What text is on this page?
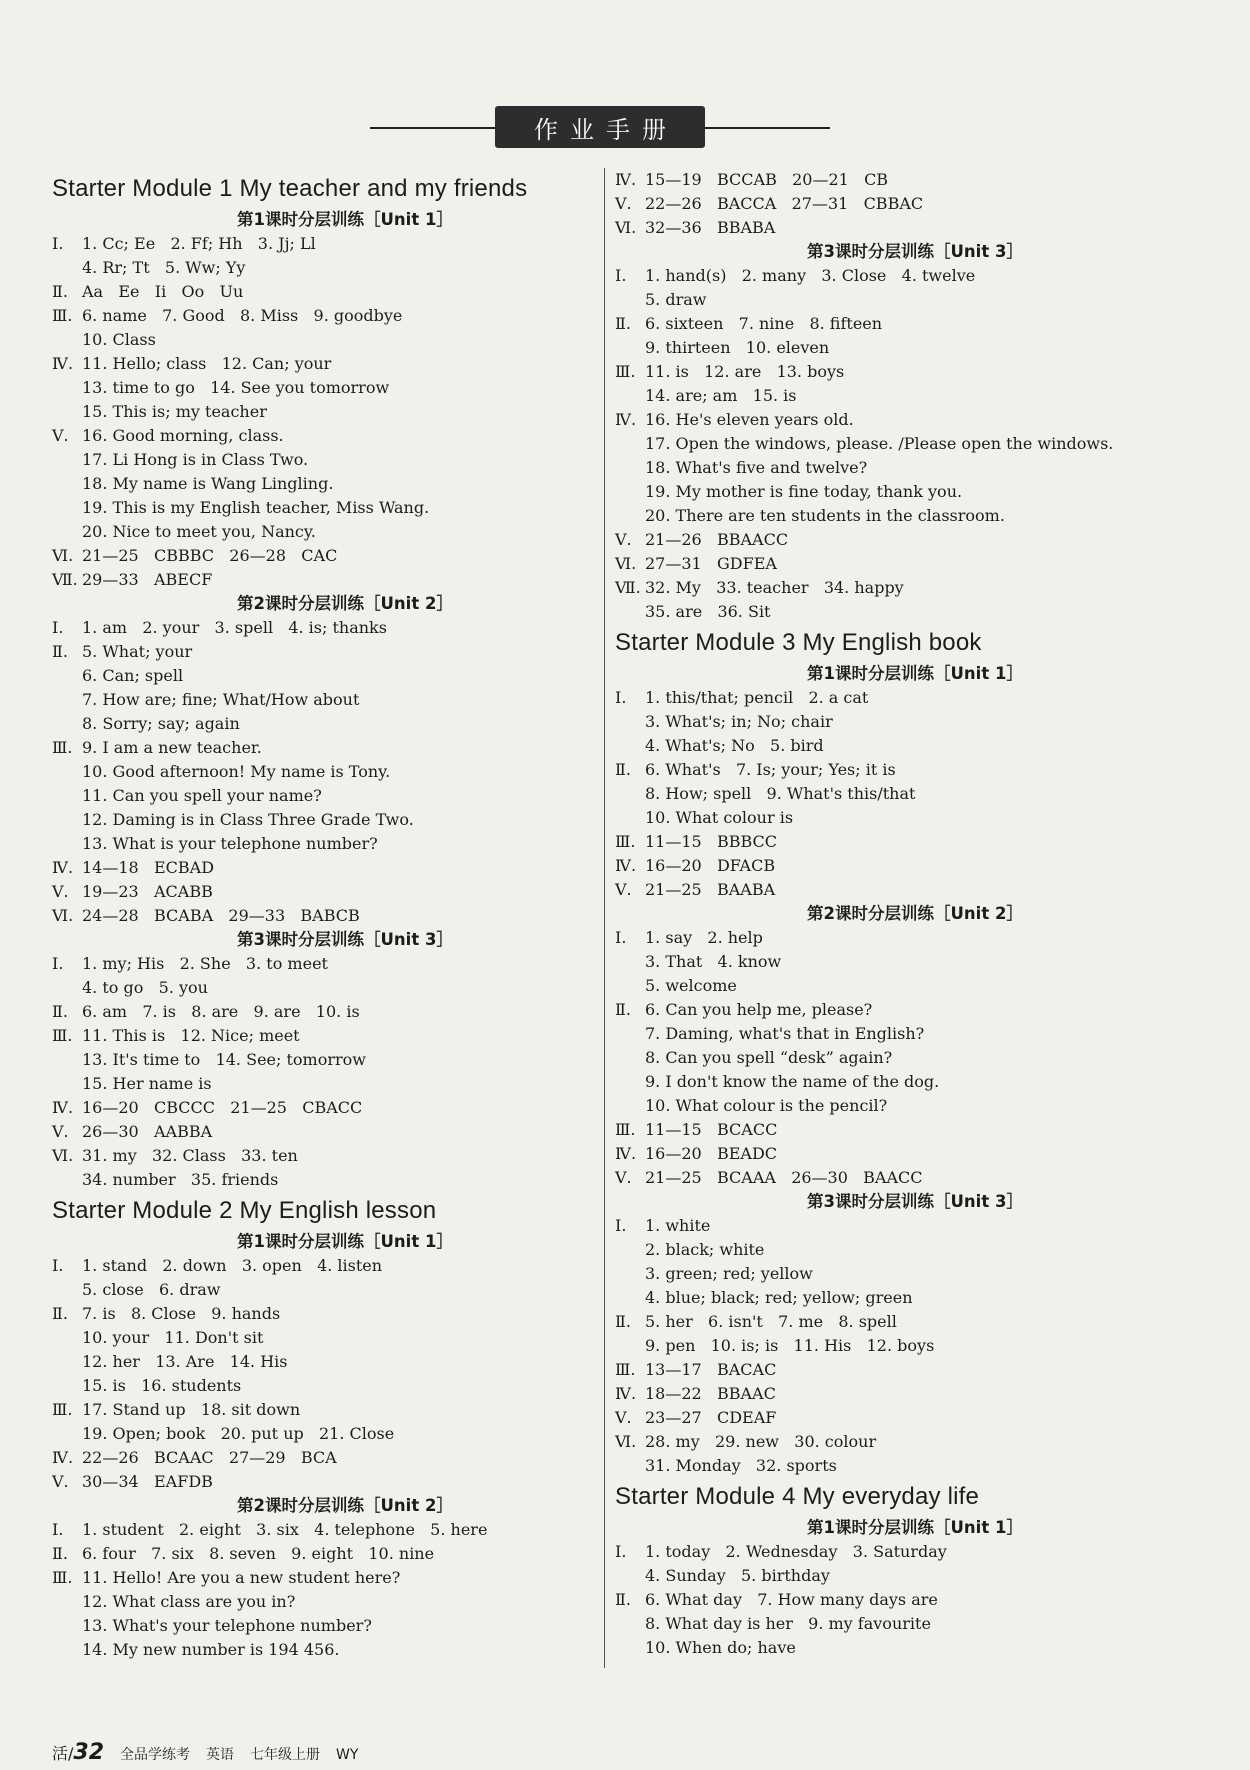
作业手册
Starter Module 1 My teacher and my friends
第1课时分层训练［Unit 1］
Ⅰ.	1. Cc; Ee   2. Ff; Hh   3. Jj; Ll
4. Rr; Tt   5. Ww; Yy
Ⅱ. Aa   Ee   Ii   Oo   Uu
Ⅲ. 6. name   7. Good   8. Miss   9. goodbye
10. Class
Ⅳ. 11. Hello; class   12. Can; your
13. time to go   14. See you tomorrow
15. This is; my teacher
Ⅴ. 16. Good morning, class.
17. Li Hong is in Class Two.
18. My name is Wang Lingling.
19. This is my English teacher, Miss Wang.
20. Nice to meet you, Nancy.
Ⅵ. 21—25   CBBBC   26—28   CAC
Ⅶ. 29—33   ABECF
第2课时分层训练［Unit 2］
Ⅰ.	1. am   2. your   3. spell   4. is; thanks
Ⅱ. 5. What; your
6. Can; spell
7. How are; fine; What/How about
8. Sorry; say; again
Ⅲ. 9. I am a new teacher.
10. Good afternoon! My name is Tony.
11. Can you spell your name?
12. Daming is in Class Three Grade Two.
13. What is your telephone number?
Ⅳ. 14—18   ECBAD
Ⅴ. 19—23   ACABB
Ⅵ. 24—28   BCABA   29—33   BABCB
第3课时分层训练［Unit 3］
Ⅰ.	1. my; His   2. She   3. to meet
4. to go   5. you
Ⅱ. 6. am   7. is   8. are   9. are   10. is
Ⅲ. 11. This is   12. Nice; meet
13. It's time to   14. See; tomorrow
15. Her name is
Ⅳ. 16—20   CBCCC   21—25   CBACC
Ⅴ. 26—30   AABBA
Ⅵ. 31. my   32. Class   33. ten
34. number   35. friends
Starter Module 2 My English lesson
第1课时分层训练［Unit 1］
Ⅰ.	1. stand   2. down   3. open   4. listen
5. close   6. draw
Ⅱ. 7. is   8. Close   9. hands
10. your   11. Don't sit
12. her   13. Are   14. His
15. is   16. students
Ⅲ. 17. Stand up   18. sit down
19. Open; book   20. put up   21. Close
Ⅳ. 22—26   BCAAC   27—29   BCA
Ⅴ. 30—34   EAFDB
第2课时分层训练［Unit 2］
Ⅰ.	1. student   2. eight   3. six   4. telephone   5. here
Ⅱ. 6. four   7. six   8. seven   9. eight   10. nine
Ⅲ. 11. Hello! Are you a new student here?
12. What class are you in?
13. What's your telephone number?
14. My new number is 194 456.
Ⅳ. 15—19   BCCAB   20—21   CB
Ⅴ. 22—26   BACCA   27—31   CBBAC
Ⅵ. 32—36   BBABA
第3课时分层训练［Unit 3］
Ⅰ.	1. hand(s)   2. many   3. Close   4. twelve
5. draw
Ⅱ. 6. sixteen   7. nine   8. fifteen
9. thirteen   10. eleven
Ⅲ. 11. is   12. are   13. boys
14. are; am   15. is
Ⅳ. 16. He's eleven years old.
17. Open the windows, please. /Please open the windows.
18. What's five and twelve?
19. My mother is fine today, thank you.
20. There are ten students in the classroom.
Ⅴ. 21—26   BBAACC
Ⅵ. 27—31   GDFEA
Ⅶ. 32. My   33. teacher   34. happy
35. are   36. Sit
Starter Module 3 My English book
第1课时分层训练［Unit 1］
Ⅰ.	1. this/that; pencil   2. a cat
3. What's; in; No; chair
4. What's; No   5. bird
Ⅱ. 6. What's   7. Is; your; Yes; it is
8. How; spell   9. What's this/that
10. What colour is
Ⅲ. 11—15   BBBCC
Ⅳ. 16—20   DFACB
Ⅴ. 21—25   BAABA
第2课时分层训练［Unit 2］
Ⅰ.	1. say   2. help
3. That   4. know
5. welcome
Ⅱ. 6. Can you help me, please?
7. Daming, what's that in English?
8. Can you spell “desk” again?
9. I don't know the name of the dog.
10. What colour is the pencil?
Ⅲ. 11—15   BCACC
Ⅳ. 16—20   BEADC
Ⅴ. 21—25   BCAAA   26—30   BAACC
第3课时分层训练［Unit 3］
Ⅰ.	1. white
2. black; white
3. green; red; yellow
4. blue; black; red; yellow; green
Ⅱ. 5. her   6. isn't   7. me   8. spell
9. pen   10. is; is   11. His   12. boys
Ⅲ. 13—17   BACAC
Ⅳ. 18—22   BBAAC
Ⅴ. 23—27   CDEAF
Ⅵ. 28. my   29. new   30. colour
31. Monday   32. sports
Starter Module 4 My everyday life
第1课时分层训练［Unit 1］
Ⅰ.	1. today   2. Wednesday   3. Saturday
4. Sunday   5. birthday
Ⅱ. 6. What day   7. How many days are
8. What day is her   9. my favourite
10. When do; have
活/32 全品学练考 英语 七年级上册 WY
